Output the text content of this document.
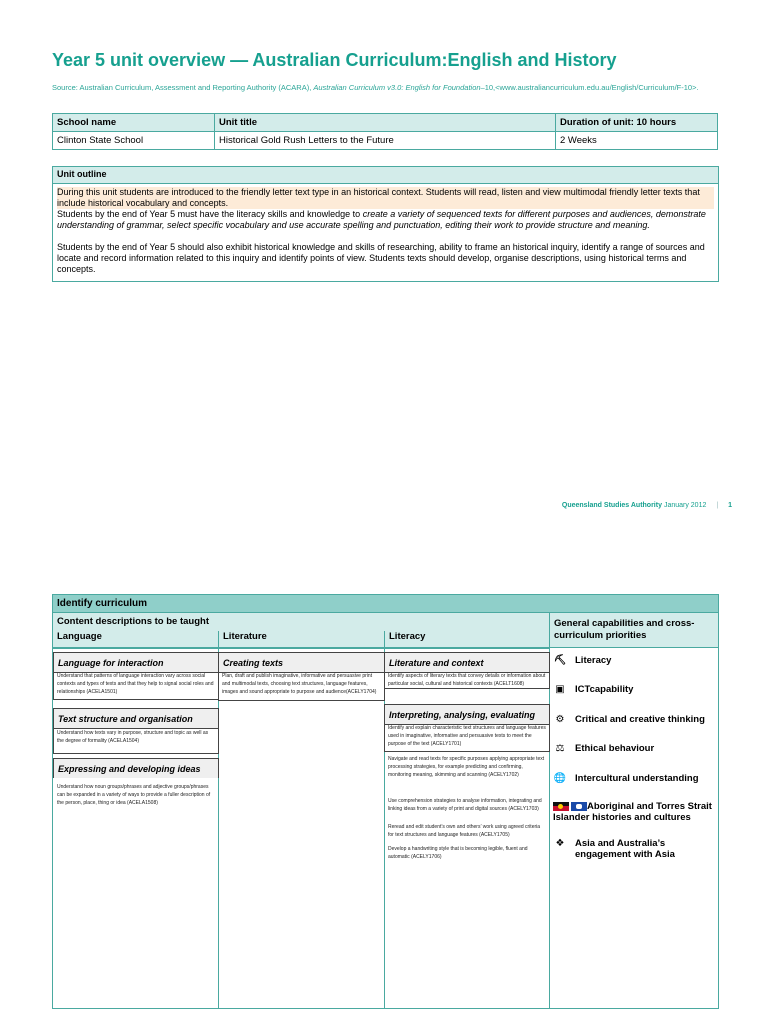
Year 5 unit overview — Australian Curriculum:English and History
Source: Australian Curriculum, Assessment and Reporting Authority (ACARA), Australian Curriculum v3.0: English for Foundation–10,<www.australiancurriculum.edu.au/English/Curriculum/F-10>.
School name	Unit title	Duration of unit: 10 hours
Clinton State School	Historical Gold Rush Letters to the Future	2 Weeks
Unit outline
During this unit students are introduced to the friendly letter text type in an historical context. Students will read, listen and view multimodal friendly letter texts that include historical vocabulary and concepts.
Students by the end of Year 5 must have the literacy skills and knowledge to create a variety of sequenced texts for different purposes and audiences, demonstrate understanding of grammar, select specific vocabulary and use accurate spelling and punctuation, editing their work to provide structure and meaning.
Students by the end of Year 5 should also exhibit historical knowledge and skills of researching, ability to frame an historical inquiry, identify a range of sources and locate and record information related to this inquiry and identify points of view. Students texts should develop, organise descriptions, using historical terms and concepts.
Queensland Studies Authority January 2012 | 1
Identify curriculum
Content descriptions to be taught
Language	Literature	Literacy
General capabilities and cross-curriculum priorities
Language for interaction
Understand that patterns of language interaction vary across social contexts and types of texts and that they help to signal social roles and relationships (ACELA1501)
Text structure and organisation
Understand how texts vary in purpose, structure and topic as well as the degree of formality (ACELA1504)
Expressing and developing ideas
Understand how noun groups/phrases and adjective groups/phrases can be expanded in a variety of ways to provide a fuller description of the person, place, thing or idea (ACELA1508)
Creating texts
Plan, draft and publish imaginative, informative and persuasive print and multimodal texts, choosing text structures, language features, images and sound appropriate to purpose and audience(ACELY1704)
Literature and context
Identify aspects of literary texts that convey details or information about particular social, cultural and historical contexts (ACELT1608)
Interpreting, analysing, evaluating
Identify and explain characteristic text structures and language features used in imaginative, informative and persuasive texts to meet the purpose of the text (ACELY1701)
Navigate and read texts for specific purposes applying appropriate text processing strategies, for example predicting and confirming, monitoring meaning, skimming and scanning (ACELY1702)
Use comprehension strategies to analyse information, integrating and linking ideas from a variety of print and digital sources (ACELY1703)
Reread and edit student’s own and others’ work using agreed criteria for text structures and language features (ACELY1705)
Develop a handwriting style that is becoming legible, fluent and automatic (ACELY1706)
⛏ Literacy
▣ ICTcapability
⚙ Critical and creative thinking
⚖ Ethical behaviour
🌐 Intercultural understanding
Aboriginal and Torres Strait Islander histories and cultures
❖ Asia and Australia’s engagement with Asia
